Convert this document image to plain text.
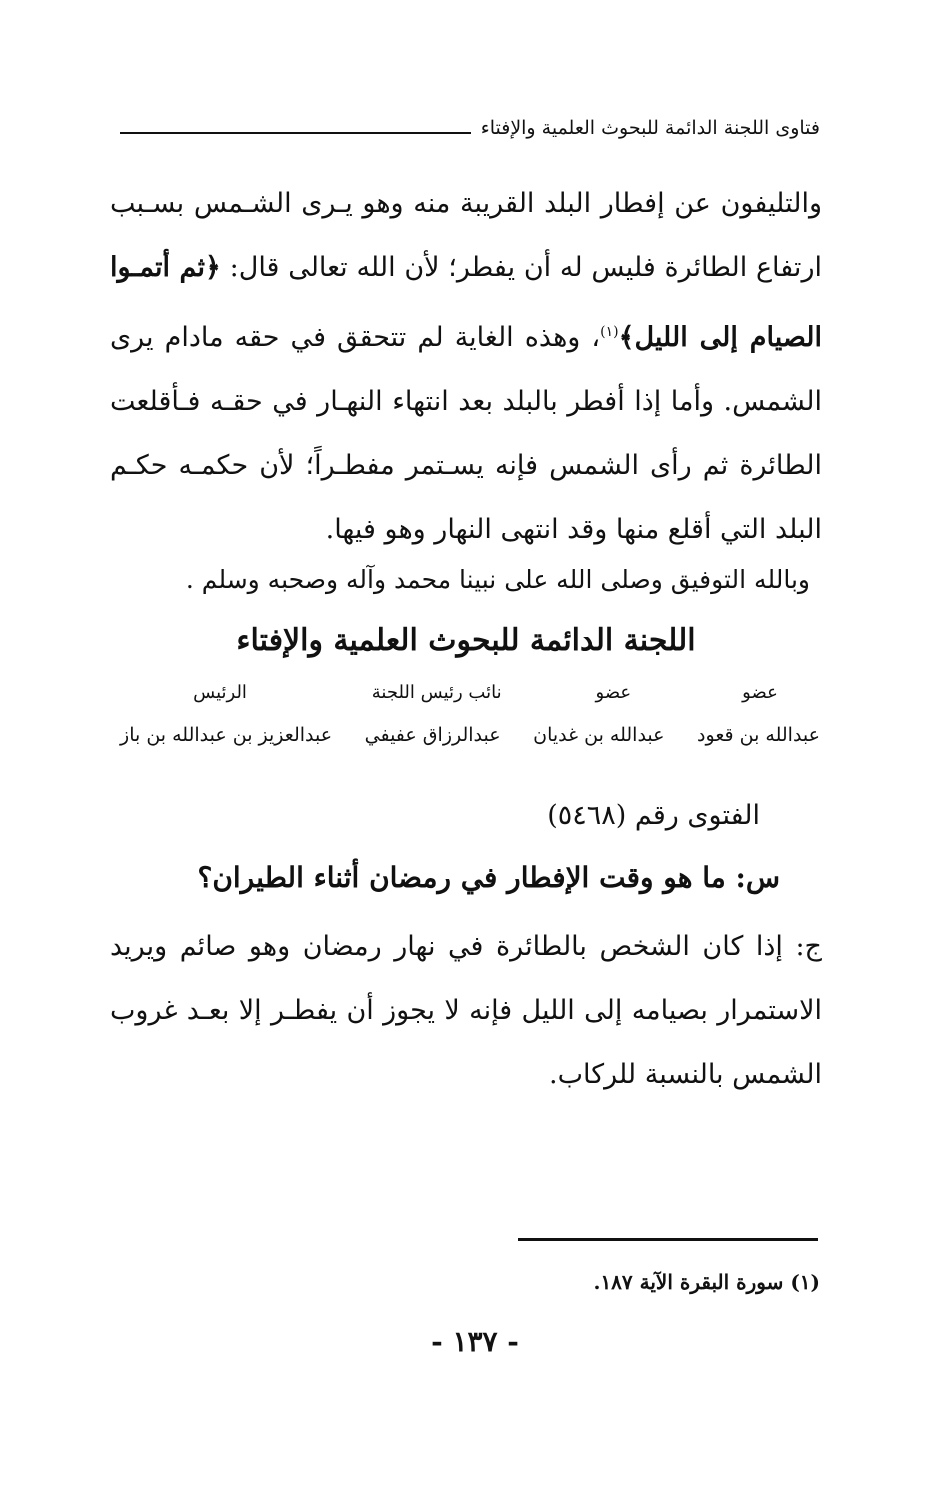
فتاوى اللجنة الدائمة للبحوث العلمية والإفتاء
والتليفون عن إفطار البلد القريبة منه وهو يـرى الشـمس بسـبب ارتفاع الطائرة فليس له أن يفطر؛ لأن الله تعالى قال: ﴿ثم أتمـوا الصيام إلى الليل﴾$^{(١)}$، وهذه الغاية لم تتحقق في حقه مادام يرى الشمس. وأما إذا أفطر بالبلد بعد انتهاء النهـار في حقـه فـأقلعت الطائرة ثم رأى الشمس فإنه يسـتمر مفطـراً؛ لأن حكمـه حكـم البلد التي أقلع منها وقد انتهى النهار وهو فيها.
وبالله التوفيق وصلى الله على نبينا محمد وآله وصحبه وسلم .
اللجنة الدائمة للبحوث العلمية والإفتاء
عضو
عضو
نائب رئيس اللجنة
الرئيس
عبدالله بن قعود
عبدالله بن غديان
عبدالرزاق عفيفي
عبدالعزيز بن عبدالله بن باز
الفتوى رقم (٥٤٦٨)
س: ما هو وقت الإفطار في رمضان أثناء الطيران؟
ج: إذا كان الشخص بالطائرة في نهار رمضان وهو صائم ويريد الاستمرار بصيامه إلى الليل فإنه لا يجوز أن يفطـر إلا بعـد غروب الشمس بالنسبة للركاب.
(١) سورة البقرة الآية ١٨٧.
- ١٣٧ -
